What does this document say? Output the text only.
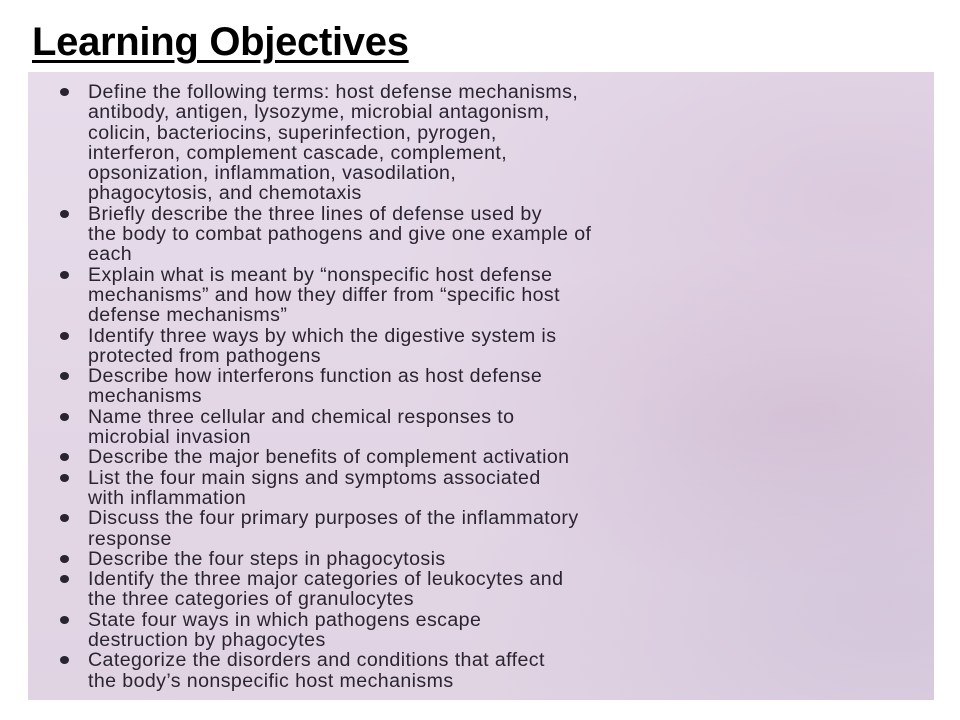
Learning Objectives
Define the following terms: host defense mechanisms,
antibody, antigen, lysozyme, microbial antagonism,
colicin, bacteriocins, superinfection, pyrogen,
interferon, complement cascade, complement,
opsonization, inflammation, vasodilation,
phagocytosis, and chemotaxis
Briefly describe the three lines of defense used by
the body to combat pathogens and give one example of
each
Explain what is meant by “nonspecific host defense
mechanisms” and how they differ from “specific host
defense mechanisms”
Identify three ways by which the digestive system is
protected from pathogens
Describe how interferons function as host defense
mechanisms
Name three cellular and chemical responses to
microbial invasion
Describe the major benefits of complement activation
List the four main signs and symptoms associated
with inflammation
Discuss the four primary purposes of the inflammatory
response
Describe the four steps in phagocytosis
Identify the three major categories of leukocytes and
the three categories of granulocytes
State four ways in which pathogens escape
destruction by phagocytes
Categorize the disorders and conditions that affect
the body’s nonspecific host mechanisms
